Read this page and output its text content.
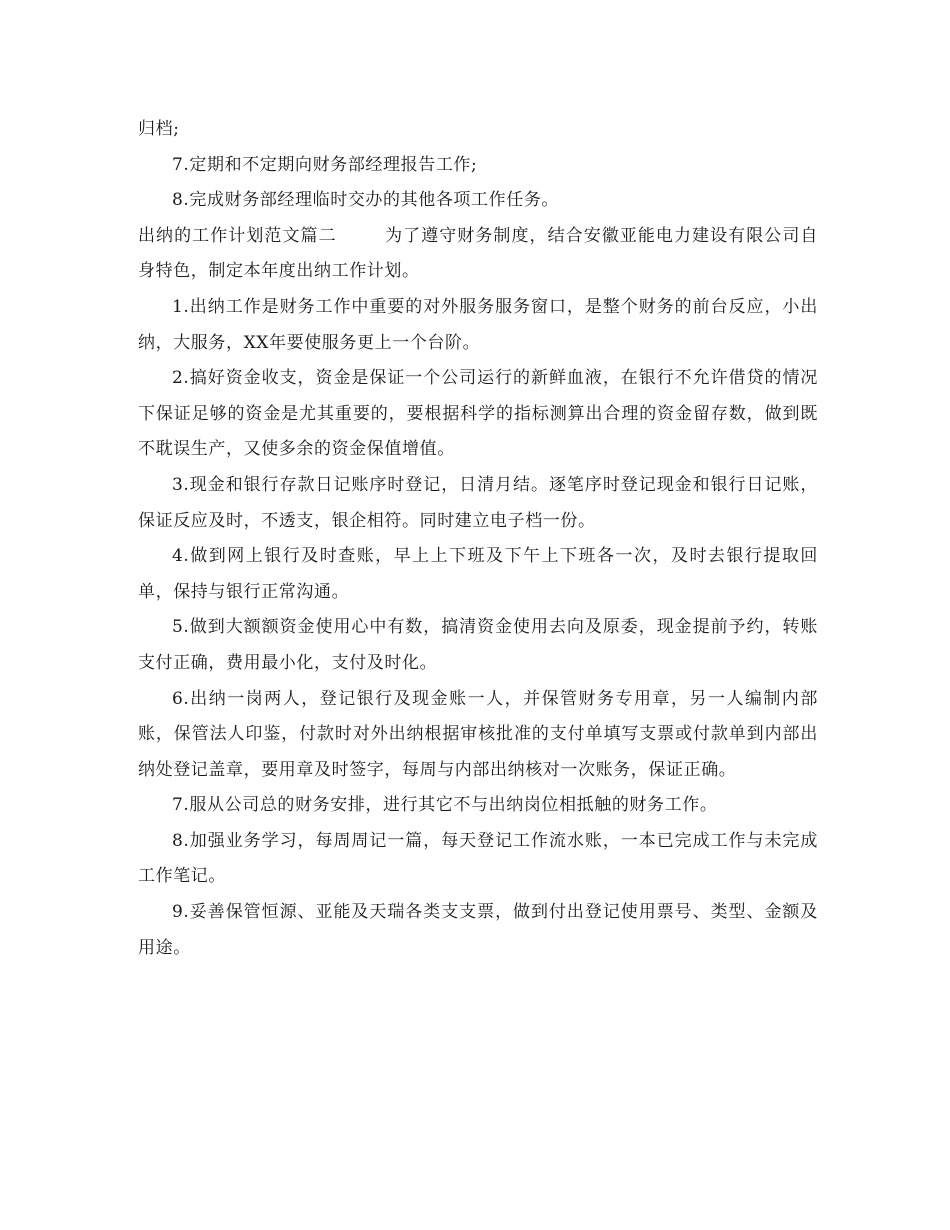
归档;

7.定期和不定期向财务部经理报告工作;

8.完成财务部经理临时交办的其他各项工作任务。

出纳的工作计划范文篇二	为了遵守财务制度，结合安徽亚能电力建设有限公司自身特色，制定本年度出纳工作计划。

1.出纳工作是财务工作中重要的对外服务服务窗口，是整个财务的前台反应，小出纳，大服务，XX年要使服务更上一个台阶。

2.搞好资金收支，资金是保证一个公司运行的新鲜血液，在银行不允许借贷的情况下保证足够的资金是尤其重要的，要根据科学的指标测算出合理的资金留存数，做到既不耽误生产，又使多余的资金保值增值。

3.现金和银行存款日记账序时登记，日清月结。逐笔序时登记现金和银行日记账，保证反应及时，不透支，银企相符。同时建立电子档一份。

4.做到网上银行及时查账，早上上下班及下午上下班各一次，及时去银行提取回单，保持与银行正常沟通。

5.做到大额额资金使用心中有数，搞清资金使用去向及原委，现金提前予约，转账支付正确，费用最小化，支付及时化。

6.出纳一岗两人，登记银行及现金账一人，并保管财务专用章，另一人编制内部账，保管法人印鉴，付款时对外出纳根据审核批准的支付单填写支票或付款单到内部出纳处登记盖章，要用章及时签字，每周与内部出纳核对一次账务，保证正确。

7.服从公司总的财务安排，进行其它不与出纳岗位相抵触的财务工作。

8.加强业务学习，每周周记一篇，每天登记工作流水账，一本已完成工作与未完成工作笔记。

9.妥善保管恒源、亚能及天瑞各类支支票，做到付出登记使用票号、类型、金额及用途。
